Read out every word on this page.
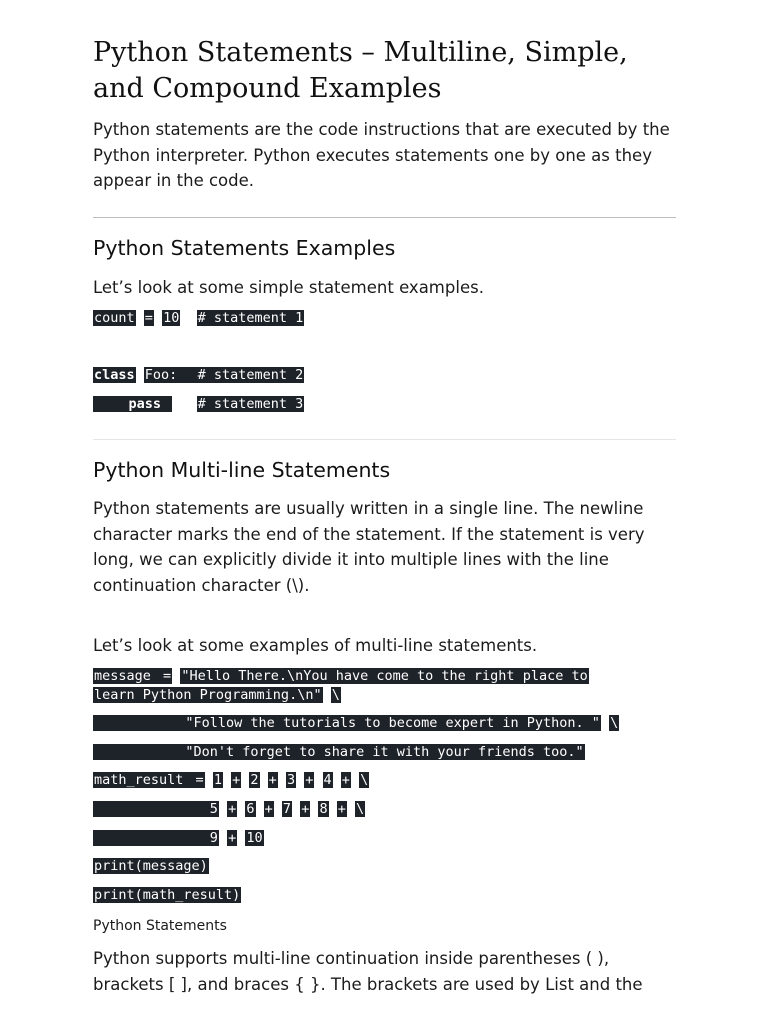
Python Statements – Multiline, Simple, and Compound Examples

Python statements are the code instructions that are executed by the Python interpreter. Python executes statements one by one as they appear in the code.

Python Statements Examples

Let’s look at some simple statement examples.

count = 10 # statement 1
class Foo: # statement 2
pass	# statement 3
Python Multi-line Statements

Python statements are usually written in a single line. The newline character marks the end of the statement. If the statement is very long, we can explicitly divide it into multiple lines with the line continuation character (\).

Let’s look at some examples of multi-line statements.

message = "Hello There.\nYou have come to the right place to
learn Python Programming.\n" \
"Follow the tutorials to become expert in Python. " \
"Don't forget to share it with your friends too."
math_result = 1 + 2 + 3 + 4 + \
5 + 6 + 7 + 8 + \
9 + 10
print(message)
print(math_result)
Python Statements

Python supports multi-line continuation inside parentheses ( ), brackets [ ], and braces { }. The brackets are used by List and the
